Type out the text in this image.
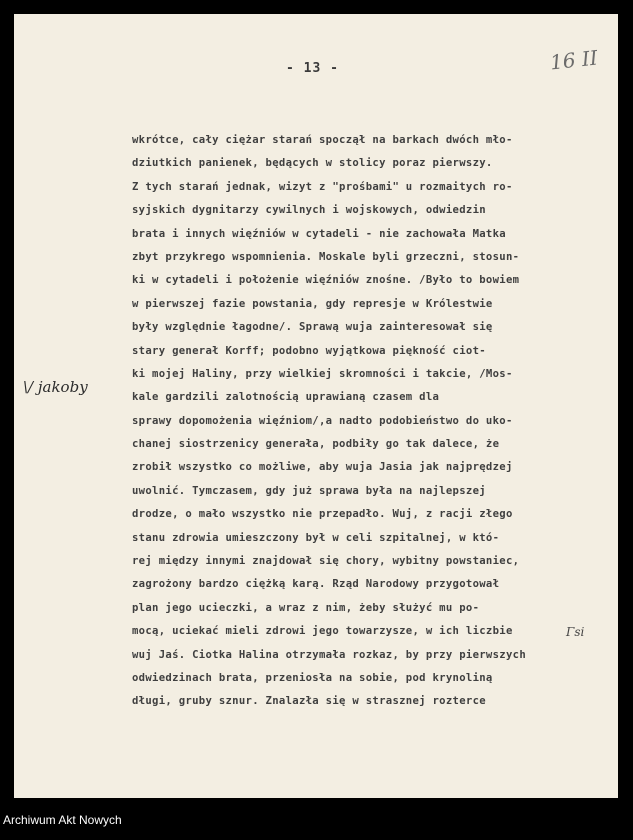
- 13 -	16 II
\/ jakoby
Γsi
wkrótce, cały ciężar starań spoczął na barkach dwóch mło-
dziutkich panienek, będących w stolicy poraz pierwszy.
Z tych starań jednak, wizyt z "prośbami" u rozmaitych ro-
syjskich dygnitarzy cywilnych i wojskowych, odwiedzin
brata i innych więźniów w cytadeli - nie zachowała Matka
zbyt przykrego wspomnienia. Moskale byli grzeczni, stosun-
ki w cytadeli i położenie więźniów znośne. /Było to bowiem
w pierwszej fazie powstania, gdy represje w Królestwie
były względnie łagodne/. Sprawą wuja zainteresował się
stary generał Korff; podobno wyjątkowa piękność ciot-
ki mojej Haliny, przy wielkiej skromności i takcie, /Mos-
kale gardzili zalotnością uprawianą czasem dla
sprawy dopomożenia więźniom/,a nadto podobieństwo do uko-
chanej siostrzenicy generała, podbiły go tak dalece, że
zrobił wszystko co możliwe, aby wuja Jasia jak najprędzej
uwolnić. Tymczasem, gdy już sprawa była na najlepszej
drodze, o mało wszystko nie przepadło. Wuj, z racji złego
stanu zdrowia umieszczony był w celi szpitalnej, w któ-
rej między innymi znajdował się chory, wybitny powstaniec,
zagrożony bardzo ciężką karą. Rząd Narodowy przygotował
plan jego ucieczki, a wraz z nim, żeby służyć mu po-
mocą, uciekać mieli zdrowi jego towarzysze, w ich liczbie
wuj Jaś. Ciotka Halina otrzymała rozkaz, by przy pierwszych
odwiedzinach brata, przeniosła na sobie, pod krynoliną
długi, gruby sznur. Znalazła się w strasznej rozterce
Archiwum Akt Nowych
